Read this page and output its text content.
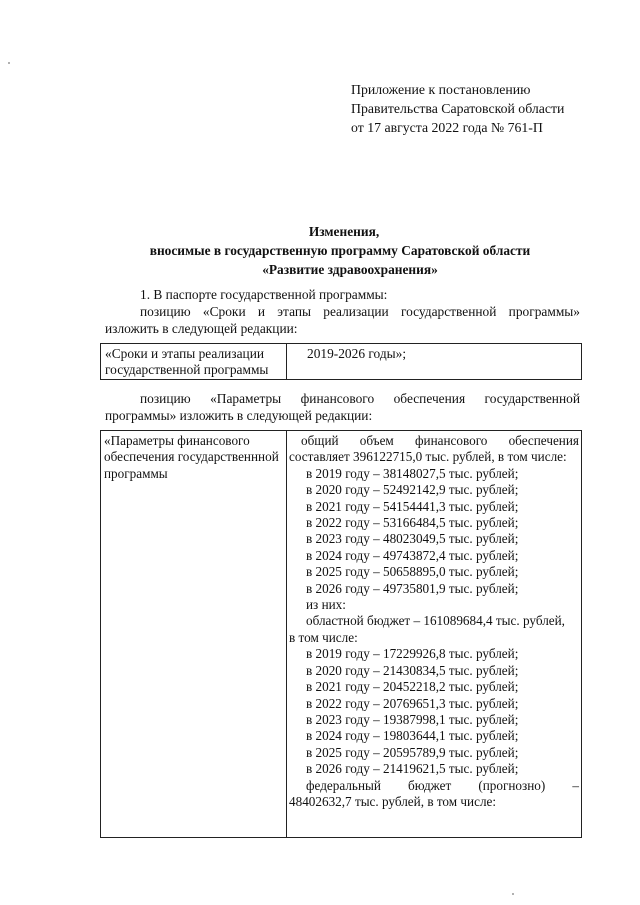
Приложение к постановлению
Правительства Саратовской области
от 17 августа 2022 года № 761-П
Изменения,
вносимые в государственную программу Саратовской области
«Развитие здравоохранения»
1. В паспорте государственной программы:
позицию «Сроки и этапы реализации государственной программы»
изложить в следующей редакции:
«Сроки и этапы реализации
государственной программы
2019-2026 годы»;
позицию «Параметры финансового обеспечения государственной
программы» изложить в следующей редакции:
«Параметры финансового
обеспечения государственнной
программы
общий объем финансового обеспечения
составляет 396122715,0 тыс. рублей, в том числе:
в 2019 году – 38148027,5 тыс. рублей;
в 2020 году – 52492142,9 тыс. рублей;
в 2021 году – 54154441,3 тыс. рублей;
в 2022 году – 53166484,5 тыс. рублей;
в 2023 году – 48023049,5 тыс. рублей;
в 2024 году – 49743872,4 тыс. рублей;
в 2025 году – 50658895,0 тыс. рублей;
в 2026 году – 49735801,9 тыс. рублей;
из них:
областной бюджет – 161089684,4 тыс. рублей,
в том числе:
в 2019 году – 17229926,8 тыс. рублей;
в 2020 году – 21430834,5 тыс. рублей;
в 2021 году – 20452218,2 тыс. рублей;
в 2022 году – 20769651,3 тыс. рублей;
в 2023 году – 19387998,1 тыс. рублей;
в 2024 году – 19803644,1 тыс. рублей;
в 2025 году – 20595789,9 тыс. рублей;
в 2026 году – 21419621,5 тыс. рублей;
федеральный бюджет (прогнозно) –
48402632,7 тыс. рублей, в том числе:
